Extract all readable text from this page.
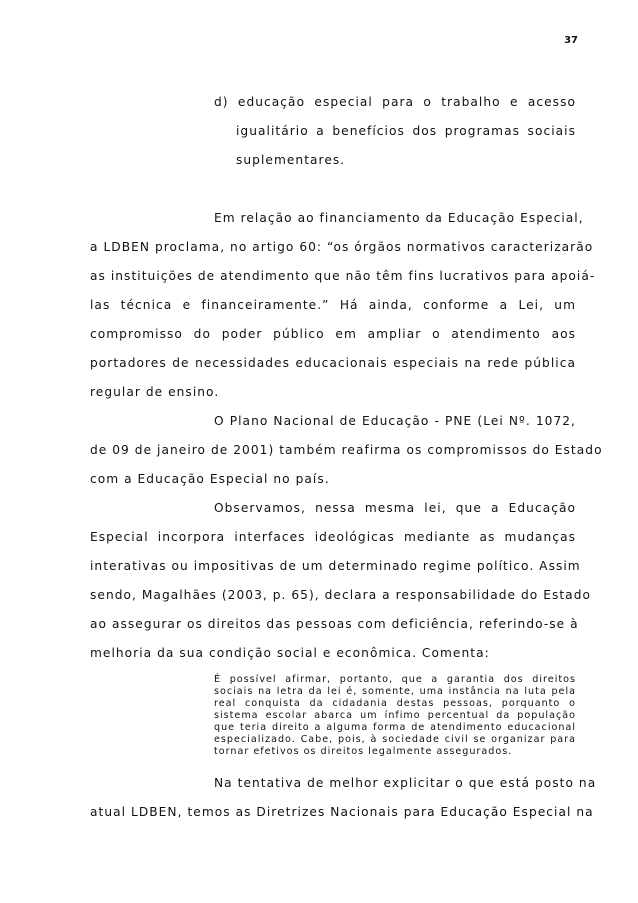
37
d) educação especial para o trabalho e acesso
igualitário a benefícios dos programas sociais
suplementares.
Em relação ao financiamento da Educação Especial,
a LDBEN proclama, no artigo 60: “os órgãos normativos caracterizarão
as instituições de atendimento que não têm fins lucrativos para apoiá-
las técnica e financeiramente.” Há ainda, conforme a Lei, um
compromisso do poder público em ampliar o atendimento aos
portadores de necessidades educacionais especiais na rede pública
regular de ensino.
O Plano Nacional de Educação - PNE (Lei Nº. 1072,
de 09 de janeiro de 2001) também reafirma os compromissos do Estado
com a Educação Especial no país.
Observamos, nessa mesma lei, que a Educação
Especial incorpora interfaces ideológicas mediante as mudanças
interativas ou impositivas de um determinado regime político. Assim
sendo, Magalhães (2003, p. 65), declara a responsabilidade do Estado
ao assegurar os direitos das pessoas com deficiência, referindo-se à
melhoria da sua condição social e econômica. Comenta:
É possível afirmar, portanto, que a garantia dos direitos
sociais na letra da lei é, somente, uma instância na luta pela
real conquista da cidadania destas pessoas, porquanto o
sistema escolar abarca um ínfimo percentual da população
que teria direito a alguma forma de atendimento educacional
especializado. Cabe, pois, à sociedade civil se organizar para
tornar efetivos os direitos legalmente assegurados.
Na tentativa de melhor explicitar o que está posto na
atual LDBEN, temos as Diretrizes Nacionais para Educação Especial na
